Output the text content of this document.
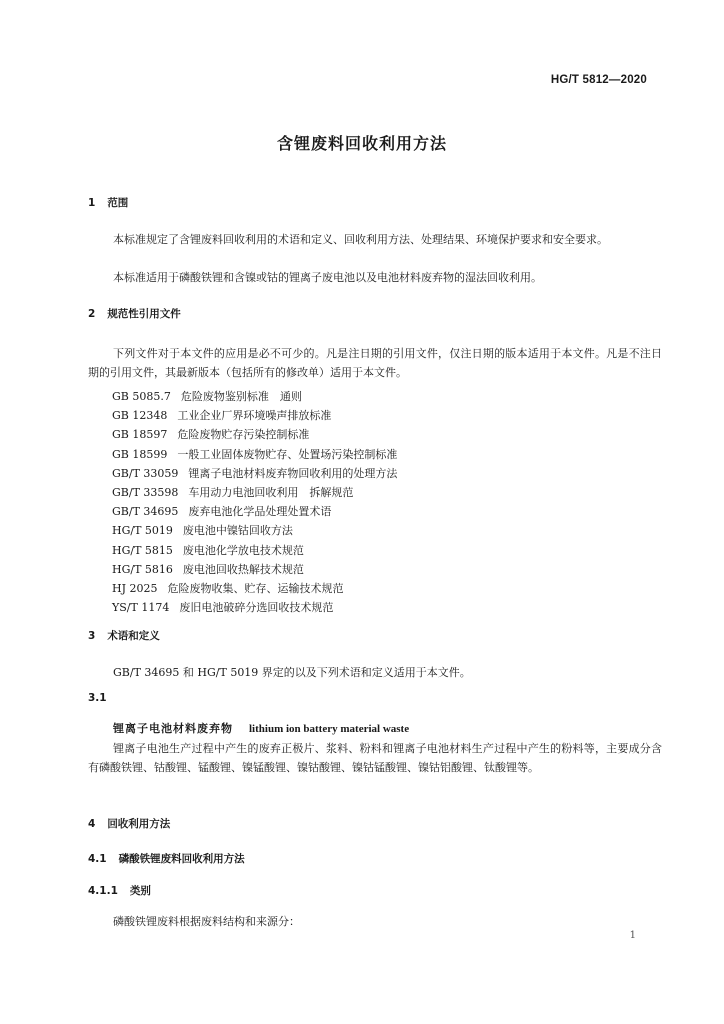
HG/T 5812—2020
含锂废料回收利用方法
1 范围
本标准规定了含锂废料回收利用的术语和定义、回收利用方法、处理结果、环境保护要求和安全要求。
本标准适用于磷酸铁锂和含镍或钴的锂离子废电池以及电池材料废弃物的湿法回收利用。
2 规范性引用文件
下列文件对于本文件的应用是必不可少的。凡是注日期的引用文件，仅注日期的版本适用于本文件。凡是不注日期的引用文件，其最新版本（包括所有的修改单）适用于本文件。
GB 5085.7 危险废物鉴别标准　通则
GB 12348 工业企业厂界环境噪声排放标准
GB 18597 危险废物贮存污染控制标准
GB 18599 一般工业固体废物贮存、处置场污染控制标准
GB/T 33059 锂离子电池材料废弃物回收利用的处理方法
GB/T 33598 车用动力电池回收利用　拆解规范
GB/T 34695 废弃电池化学品处理处置术语
HG/T 5019 废电池中镍钴回收方法
HG/T 5815 废电池化学放电技术规范
HG/T 5816 废电池回收热解技术规范
HJ 2025 危险废物收集、贮存、运输技术规范
YS/T 1174 废旧电池破碎分选回收技术规范
3 术语和定义
GB/T 34695 和 HG/T 5019 界定的以及下列术语和定义适用于本文件。
3.1
锂离子电池材料废弃物 lithium ion battery material waste
锂离子电池生产过程中产生的废弃正极片、浆料、粉料和锂离子电池材料生产过程中产生的粉料等，主要成分含有磷酸铁锂、钴酸锂、锰酸锂、镍锰酸锂、镍钴酸锂、镍钴锰酸锂、镍钴铝酸锂、钛酸锂等。
4 回收利用方法
4.1 磷酸铁锂废料回收利用方法
4.1.1 类别
磷酸铁锂废料根据废料结构和来源分：
1
